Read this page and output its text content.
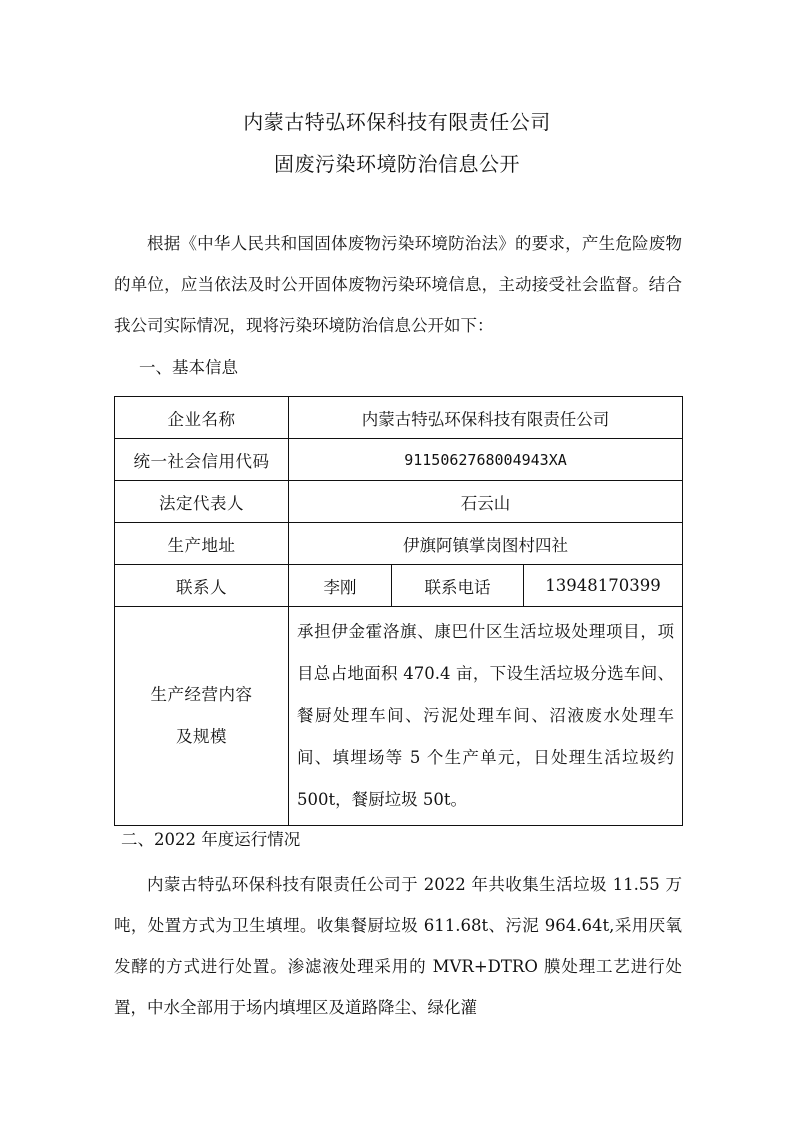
内蒙古特弘环保科技有限责任公司
固废污染环境防治信息公开

根据《中华人民共和国固体废物污染环境防治法》的要求，产生危险废物的单位，应当依法及时公开固体废物污染环境信息，主动接受社会监督。结合我公司实际情况，现将污染环境防治信息公开如下：

一、基本信息
企业名称	内蒙古特弘环保科技有限责任公司		
统一社会信用代码	9115062768004943XA		
法定代表人	石云山		
生产地址	伊旗阿镇掌岗图村四社		
联系人	李刚	联系电话	13948170399
生产经营内容
及规模	承担伊金霍洛旗、康巴什区生活垃圾处理项目，项目总占地面积 470.4 亩，下设生活垃圾分选车间、餐厨处理车间、污泥处理车间、沼液废水处理车间、填埋场等 5 个生产单元，日处理生活垃圾约 500t，餐厨垃圾 50t。		
二、2022 年度运行情况

内蒙古特弘环保科技有限责任公司于 2022 年共收集生活垃圾 11.55 万吨，处置方式为卫生填埋。收集餐厨垃圾 611.68t、污泥 964.64t,采用厌氧发酵的方式进行处置。渗滤液处理采用的 MVR+DTRO 膜处理工艺进行处置，中水全部用于场内填埋区及道路降尘、绿化灌
